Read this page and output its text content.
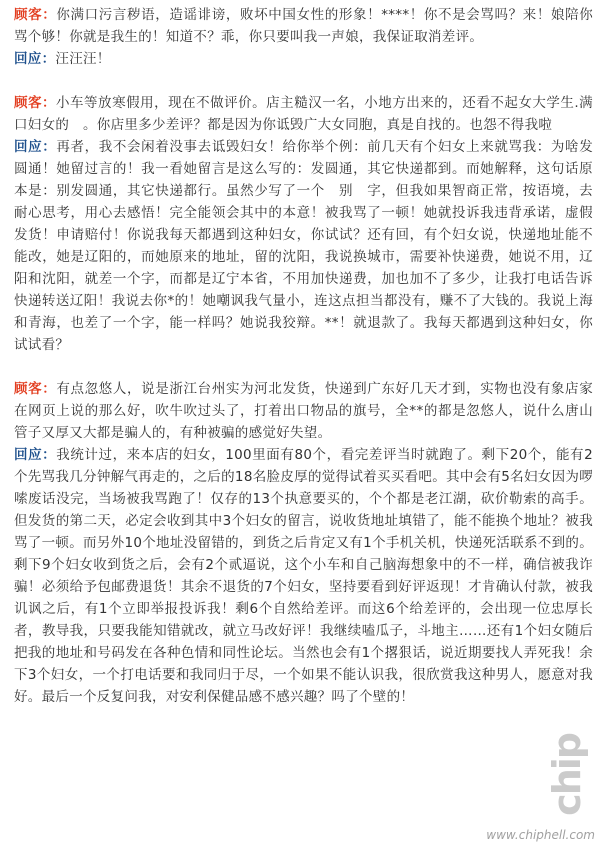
顾客：你满口污言秽语，造谣诽谤，败坏中国女性的形象！****！你不是会骂吗？来！娘陪你骂个够！你就是我生的！知道不？乖，你只要叫我一声娘，我保证取消差评。

回应：汪汪汪！

顾客：小车等放寒假用，现在不做评价。店主糙汉一名，小地方出来的，还看不起女大学生.满口妇女的　。你店里多少差评？都是因为你诋毁广大女同胞，真是自找的。也怨不得我啦

回应：再者，我不会闲着没事去诋毁妇女！给你举个例：前几天有个妇女上来就骂我：为啥发圆通！她留过言的！我一看她留言是这么写的：发圆通，其它快递都到。而她解释，这句话原本是：别发圆通，其它快递都行。虽然少写了一个　别　字，但我如果智商正常，按语境，去耐心思考，用心去感悟！完全能领会其中的本意！被我骂了一顿！她就投诉我违背承诺，虚假发货！申请赔付！你说我每天都遇到这种妇女，你试试？还有回，有个妇女说，快递地址能不能改，她是辽阳的，而她原来的地址，留的沈阳，我说换城市，需要补快递费，她说不用，辽阳和沈阳，就差一个字，而都是辽宁本省，不用加快递费，加也加不了多少，让我打电话告诉快递转送辽阳！我说去你*的！她嘲讽我气量小，连这点担当都没有，赚不了大钱的。我说上海和青海，也差了一个字，能一样吗？她说我狡辩。**！就退款了。我每天都遇到这种妇女，你试试看？

顾客：有点忽悠人，说是浙江台州实为河北发货，快递到广东好几天才到，实物也没有象店家在网页上说的那么好，吹牛吹过头了，打着出口物品的旗号，全**的都是忽悠人，说什么唐山管子又厚又大都是骗人的，有种被骗的感觉好失望。

回应：我统计过，来本店的妇女，100里面有80个，看完差评当时就跑了。剩下20个，能有2个先骂我几分钟解气再走的，之后的18名脸皮厚的觉得试着买买看吧。其中会有5名妇女因为啰嗦废话没完，当场被我骂跑了！仅存的13个执意要买的，个个都是老江湖，砍价勒索的高手。但发货的第二天，必定会收到其中3个妇女的留言，说收货地址填错了，能不能换个地址？被我骂了一顿。而另外10个地址没留错的，到货之后肯定又有1个手机关机，快递死活联系不到的。剩下9个妇女收到货之后，会有2个贰逼说，这个小车和自己脑海想象中的不一样，确信被我诈骗！必须给予包邮费退货！其余不退货的7个妇女，坚持要看到好评返现！才肯确认付款，被我讥讽之后，有1个立即举报投诉我！剩6个自然给差评。而这6个给差评的，会出现一位忠厚长者，教导我，只要我能知错就改，就立马改好评！我继续嗑瓜子，斗地主……还有1个妇女随后把我的地址和号码发在各种色情和同性论坛。当然也会有1个撂狠话，说近期要找人弄死我！余下3个妇女，一个打电话要和我同归于尽，一个如果不能认识我，很欣赏我这种男人，愿意对我好。最后一个反复问我，对安利保健品感不感兴趣？吗了个壁的！

chip
www.chiphell.com
